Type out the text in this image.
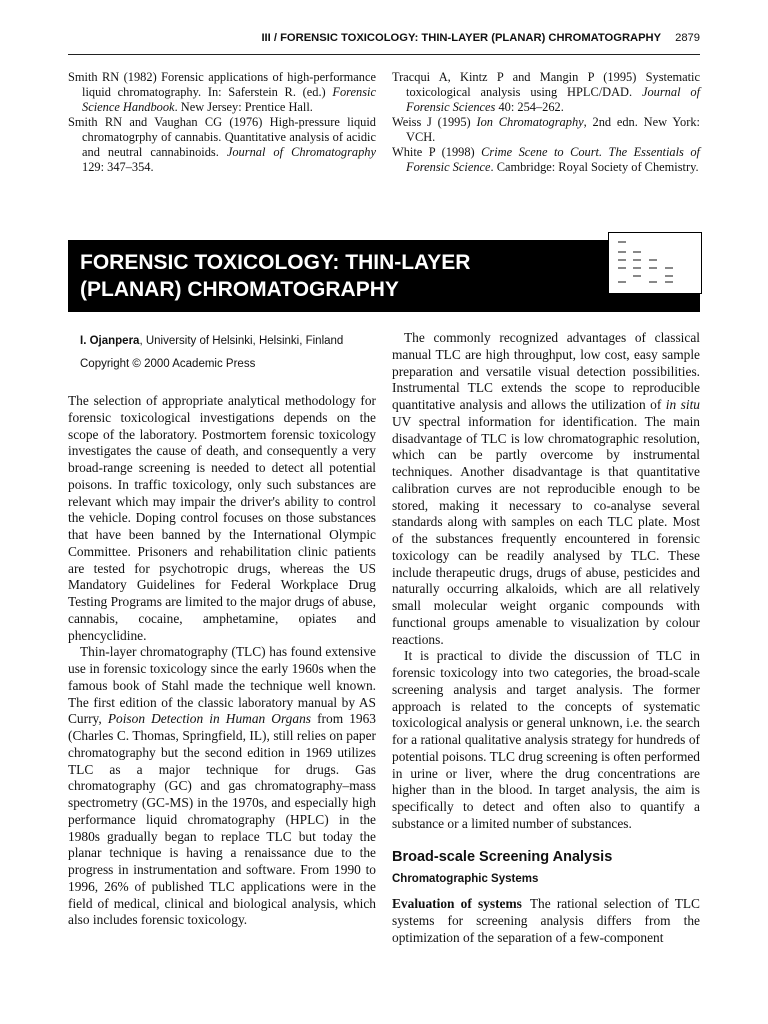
III / FORENSIC TOXICOLOGY: THIN-LAYER (PLANAR) CHROMATOGRAPHY 2879

Smith RN (1982) Forensic applications of high-performance liquid chromatography. In: Saferstein R. (ed.) Forensic Science Handbook. New Jersey: Prentice Hall.

Smith RN and Vaughan CG (1976) High-pressure liquid chromatogrphy of cannabis. Quantitative analysis of acidic and neutral cannabinoids. Journal of Chromatography 129: 347–354.

Tracqui A, Kintz P and Mangin P (1995) Systematic toxicological analysis using HPLC/DAD. Journal of Forensic Sciences 40: 254–262.

Weiss J (1995) Ion Chromatography, 2nd edn. New York: VCH.

White P (1998) Crime Scene to Court. The Essentials of Forensic Science. Cambridge: Royal Society of Chemistry.

FORENSIC TOXICOLOGY: THIN-LAYER (PLANAR) CHROMATOGRAPHY
I. Ojanpera, University of Helsinki, Helsinki, Finland
Copyright © 2000 Academic Press

The selection of appropriate analytical methodology for forensic toxicological investigations depends on the scope of the laboratory. Postmortem forensic toxicology investigates the cause of death, and consequently a very broad-range screening is needed to detect all potential poisons. In traffic toxicology, only such substances are relevant which may impair the driver's ability to control the vehicle. Doping control focuses on those substances that have been banned by the International Olympic Committee. Prisoners and rehabilitation clinic patients are tested for psychotropic drugs, whereas the US Mandatory Guidelines for Federal Workplace Drug Testing Programs are limited to the major drugs of abuse, cannabis, cocaine, amphetamine, opiates and phencyclidine.

Thin-layer chromatography (TLC) has found extensive use in forensic toxicology since the early 1960s when the famous book of Stahl made the technique well known. The first edition of the classic laboratory manual by AS Curry, Poison Detection in Human Organs from 1963 (Charles C. Thomas, Springfield, IL), still relies on paper chromatography but the second edition in 1969 utilizes TLC as a major technique for drugs. Gas chromatography (GC) and gas chromatography–mass spectrometry (GC-MS) in the 1970s, and especially high performance liquid chromatography (HPLC) in the 1980s gradually began to replace TLC but today the planar technique is having a renaissance due to the progress in instrumentation and software. From 1990 to 1996, 26% of published TLC applications were in the field of medical, clinical and biological analysis, which also includes forensic toxicology.

The commonly recognized advantages of classical manual TLC are high throughput, low cost, easy sample preparation and versatile visual detection possibilities. Instrumental TLC extends the scope to reproducible quantitative analysis and allows the utilization of in situ UV spectral information for identification. The main disadvantage of TLC is low chromatographic resolution, which can be partly overcome by instrumental techniques. Another disadvantage is that quantitative calibration curves are not reproducible enough to be stored, making it necessary to co-analyse several standards along with samples on each TLC plate. Most of the substances frequently encountered in forensic toxicology can be readily analysed by TLC. These include therapeutic drugs, drugs of abuse, pesticides and naturally occurring alkaloids, which are all relatively small molecular weight organic compounds with functional groups amenable to visualization by colour reactions.

It is practical to divide the discussion of TLC in forensic toxicology into two categories, the broad-scale screening analysis and target analysis. The former approach is related to the concepts of systematic toxicological analysis or general unknown, i.e. the search for a rational qualitative analysis strategy for hundreds of potential poisons. TLC drug screening is often performed in urine or liver, where the drug concentrations are higher than in the blood. In target analysis, the aim is specifically to detect and often also to quantify a substance or a limited number of substances.

Broad-scale Screening Analysis
Chromatographic Systems

Evaluation of systems The rational selection of TLC systems for screening analysis differs from the optimization of the separation of a few-component
